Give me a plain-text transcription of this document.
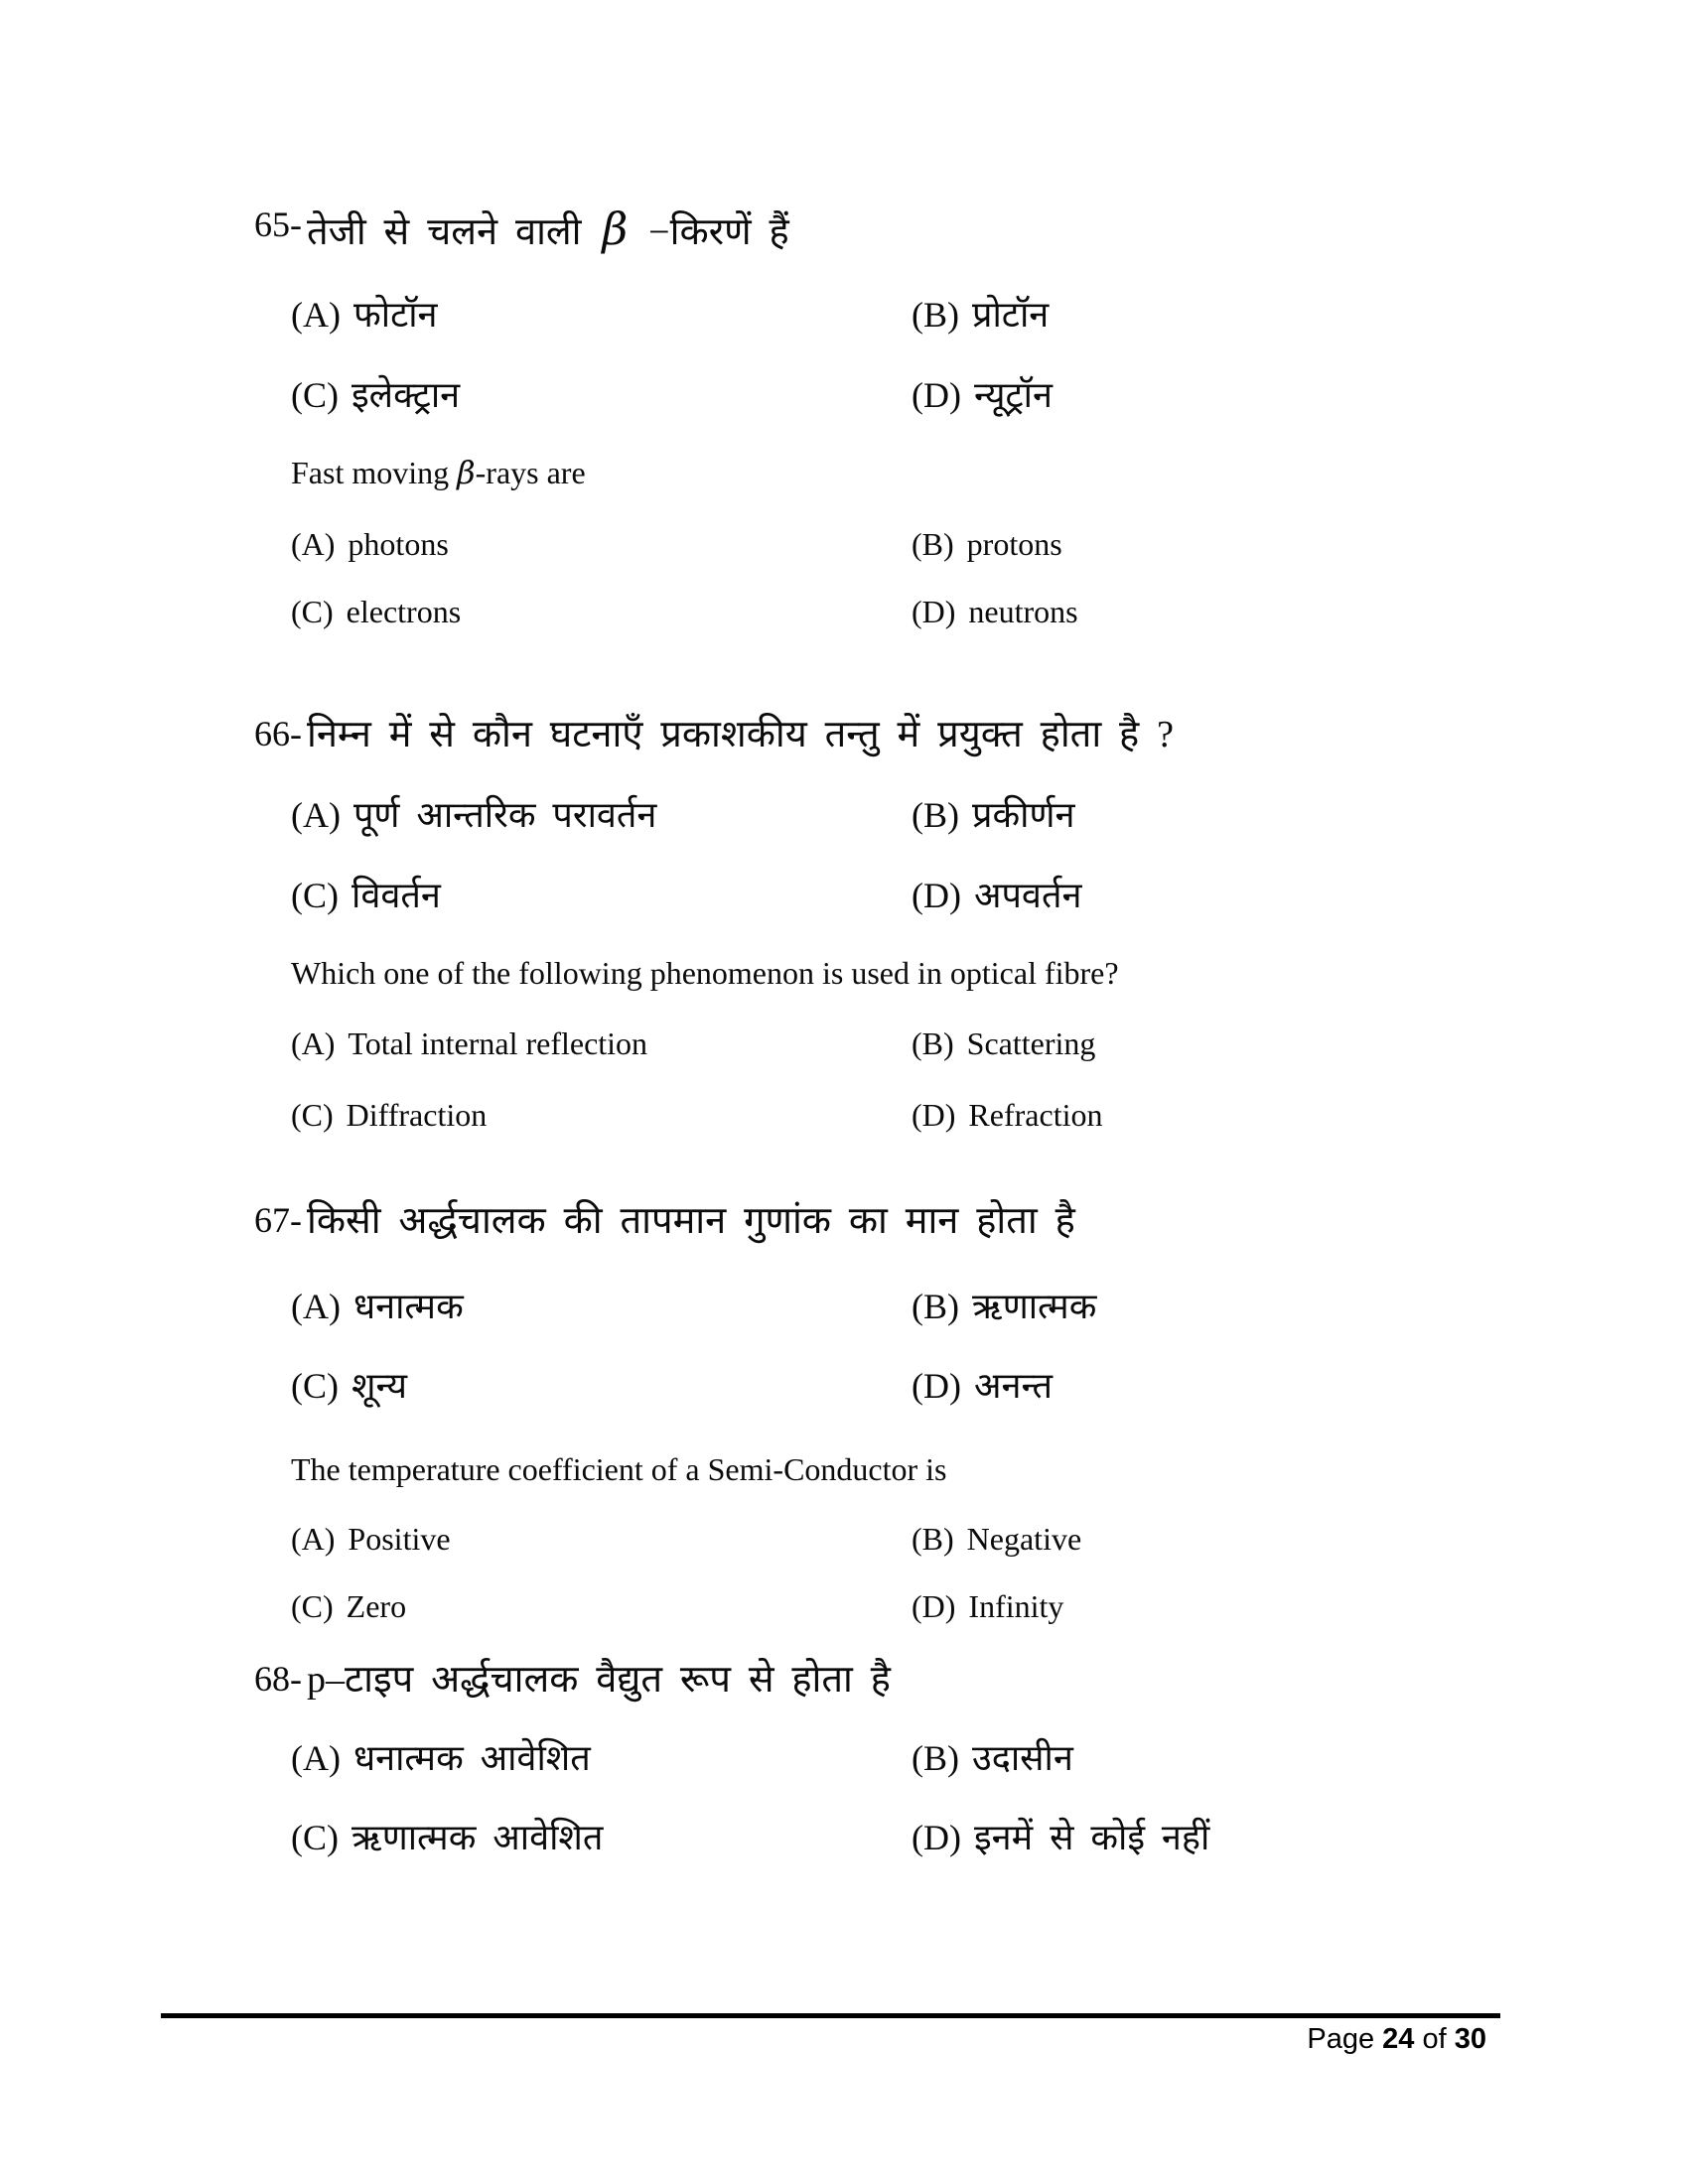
65- तेजी से चलने वाली β −किरणें हैं
(A) फोटॉन	(B) प्रोटॉन
(C) इलेक्ट्रान	(D) न्यूट्रॉन
Fast moving β-rays are
(A) photons	(B) protons
(C) electrons	(D) neutrons
66- निम्न में से कौन घटनाएँ प्रकाशकीय तन्तु में प्रयुक्त होता है ?
(A) पूर्ण आन्तरिक परावर्तन	(B) प्रकीर्णन
(C) विवर्तन	(D) अपवर्तन
Which one of the following phenomenon is used in optical fibre?
(A) Total internal reflection	(B) Scattering
(C) Diffraction	(D) Refraction
67- किसी अर्द्धचालक की तापमान गुणांक का मान होता है
(A) धनात्मक	(B) ऋणात्मक
(C) शून्य	(D) अनन्त
The temperature coefficient of a Semi-Conductor is
(A) Positive	(B) Negative
(C) Zero	(D) Infinity
68- p–टाइप अर्द्धचालक वैद्युत रूप से होता है
(A) धनात्मक आवेशित	(B) उदासीन
(C) ऋणात्मक आवेशित	(D) इनमें से कोई नहीं
Page 24 of 30
